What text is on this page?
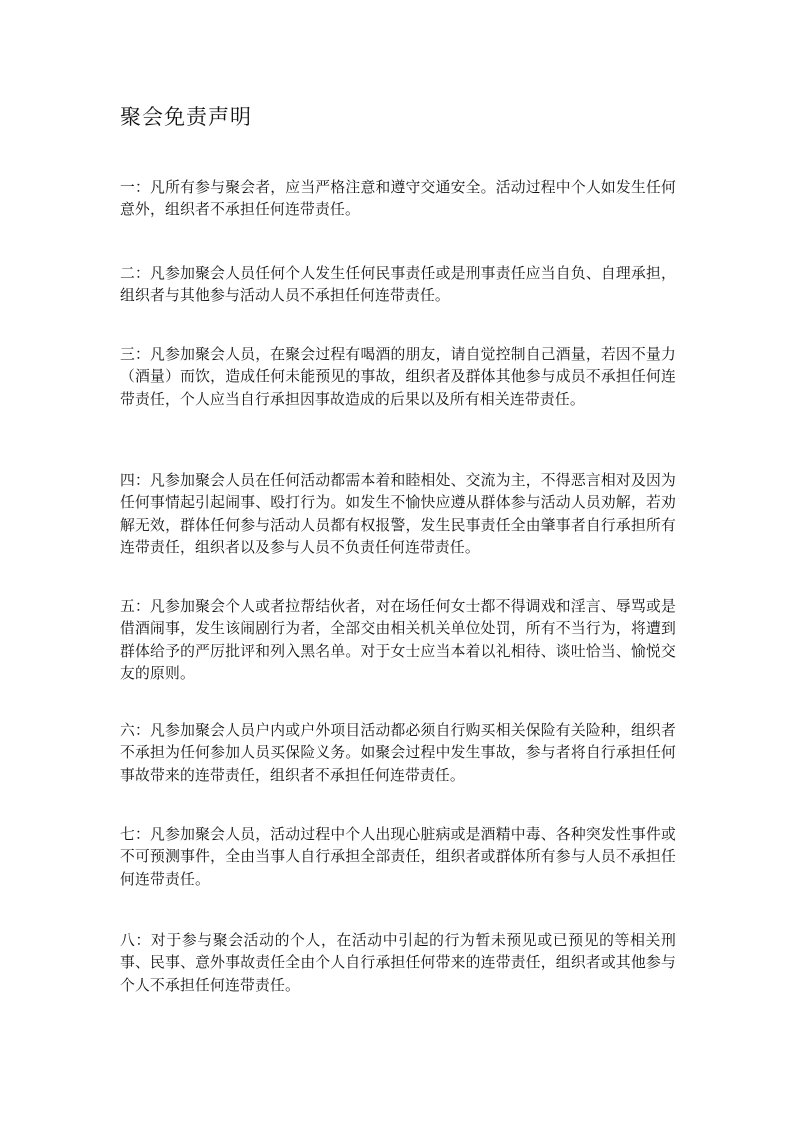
聚会免责声明

一：凡所有参与聚会者，应当严格注意和遵守交通安全。活动过程中个人如发生任何意外，组织者不承担任何连带责任。

二：凡参加聚会人员任何个人发生任何民事责任或是刑事责任应当自负、自理承担，组织者与其他参与活动人员不承担任何连带责任。

三：凡参加聚会人员，在聚会过程有喝酒的朋友，请自觉控制自己酒量，若因不量力（酒量）而饮，造成任何未能预见的事故，组织者及群体其他参与成员不承担任何连带责任，个人应当自行承担因事故造成的后果以及所有相关连带责任。

四：凡参加聚会人员在任何活动都需本着和睦相处、交流为主，不得恶言相对及因为任何事情起引起闹事、殴打行为。如发生不愉快应遵从群体参与活动人员劝解，若劝解无效，群体任何参与活动人员都有权报警，发生民事责任全由肇事者自行承担所有连带责任，组织者以及参与人员不负责任何连带责任。

五：凡参加聚会个人或者拉帮结伙者，对在场任何女士都不得调戏和淫言、辱骂或是借酒闹事，发生该闹剧行为者，全部交由相关机关单位处罚，所有不当行为，将遭到群体给予的严厉批评和列入黑名单。对于女士应当本着以礼相待、谈吐恰当、愉悦交友的原则。

六：凡参加聚会人员户内或户外项目活动都必须自行购买相关保险有关险种，组织者不承担为任何参加人员买保险义务。如聚会过程中发生事故，参与者将自行承担任何事故带来的连带责任，组织者不承担任何连带责任。

七：凡参加聚会人员，活动过程中个人出现心脏病或是酒精中毒、各种突发性事件或不可预测事件，全由当事人自行承担全部责任，组织者或群体所有参与人员不承担任何连带责任。

八：对于参与聚会活动的个人，在活动中引起的行为暂未预见或已预见的等相关刑事、民事、意外事故责任全由个人自行承担任何带来的连带责任，组织者或其他参与个人不承担任何连带责任。
